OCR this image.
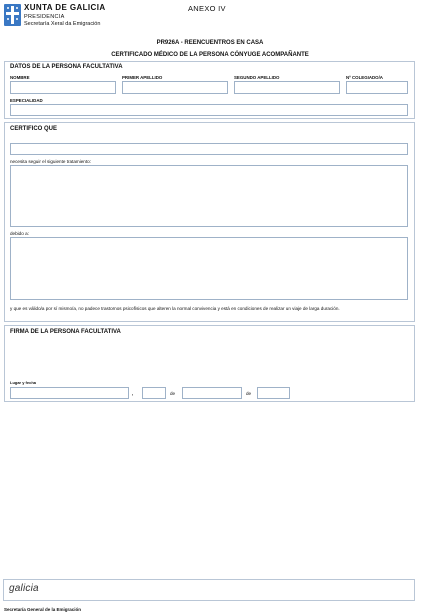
XUNTA DE GALICIA
PRESIDENCIA
Secretaría Xeral da Emigración
ANEXO IV
PR926A - REENCUENTROS EN CASA
CERTIFICADO MÉDICO DE LA PERSONA CÓNYUGE ACOMPAÑANTE
DATOS DE LA PERSONA FACULTATIVA
NOMBRE	PRIMER APELLIDO	SEGUNDO APELLIDO	Nº COLEGIADO/A
ESPECIALIDAD
CERTIFICO QUE
necesita seguir el siguiente tratamiento:
debido a:
y que es válido/a por sí mismo/a, no padece trastornos psicofísicos que alteren la normal convivencia y está en condiciones de realizar un viaje de larga duración.
FIRMA DE LA PERSONA FACULTATIVA
Lugar y fecha
,	de	de
galicia
Secretaría General de la Emigración
